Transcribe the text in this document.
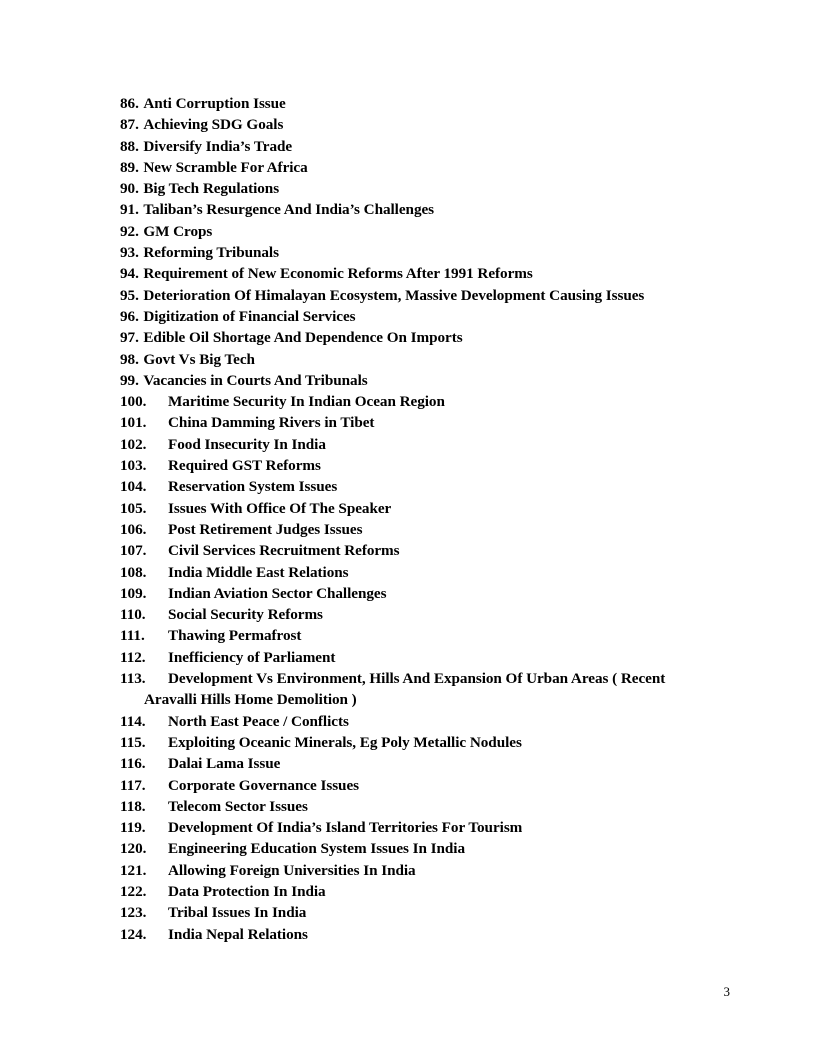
86. Anti Corruption Issue
87. Achieving SDG Goals
88. Diversify India’s Trade
89. New Scramble For Africa
90. Big Tech Regulations
91. Taliban’s Resurgence And India’s Challenges
92. GM Crops
93. Reforming Tribunals
94. Requirement of New Economic Reforms After 1991 Reforms
95. Deterioration Of Himalayan Ecosystem, Massive Development Causing Issues
96. Digitization of Financial Services
97. Edible Oil Shortage And Dependence On Imports
98. Govt Vs Big Tech
99. Vacancies in Courts And Tribunals
100.	Maritime Security In Indian Ocean Region
101.	China Damming Rivers in Tibet
102.	Food Insecurity In India
103.	Required GST Reforms
104.	Reservation System Issues
105.	Issues With Office Of The Speaker
106.	Post Retirement Judges Issues
107.	Civil Services Recruitment Reforms
108.	India Middle East Relations
109.	Indian Aviation Sector Challenges
110.	Social Security Reforms
111.	Thawing Permafrost
112.	Inefficiency of Parliament
113.	Development Vs Environment, Hills And Expansion Of Urban Areas ( Recent Aravalli Hills Home Demolition )
114.	North East Peace / Conflicts
115.	Exploiting Oceanic Minerals, Eg Poly Metallic Nodules
116.	Dalai Lama Issue
117.	Corporate Governance Issues
118.	Telecom Sector Issues
119.	Development Of India’s Island Territories For Tourism
120.	Engineering Education System Issues In India
121.	Allowing Foreign Universities In India
122.	Data Protection In India
123.	Tribal Issues In India
124.	India Nepal Relations
3
